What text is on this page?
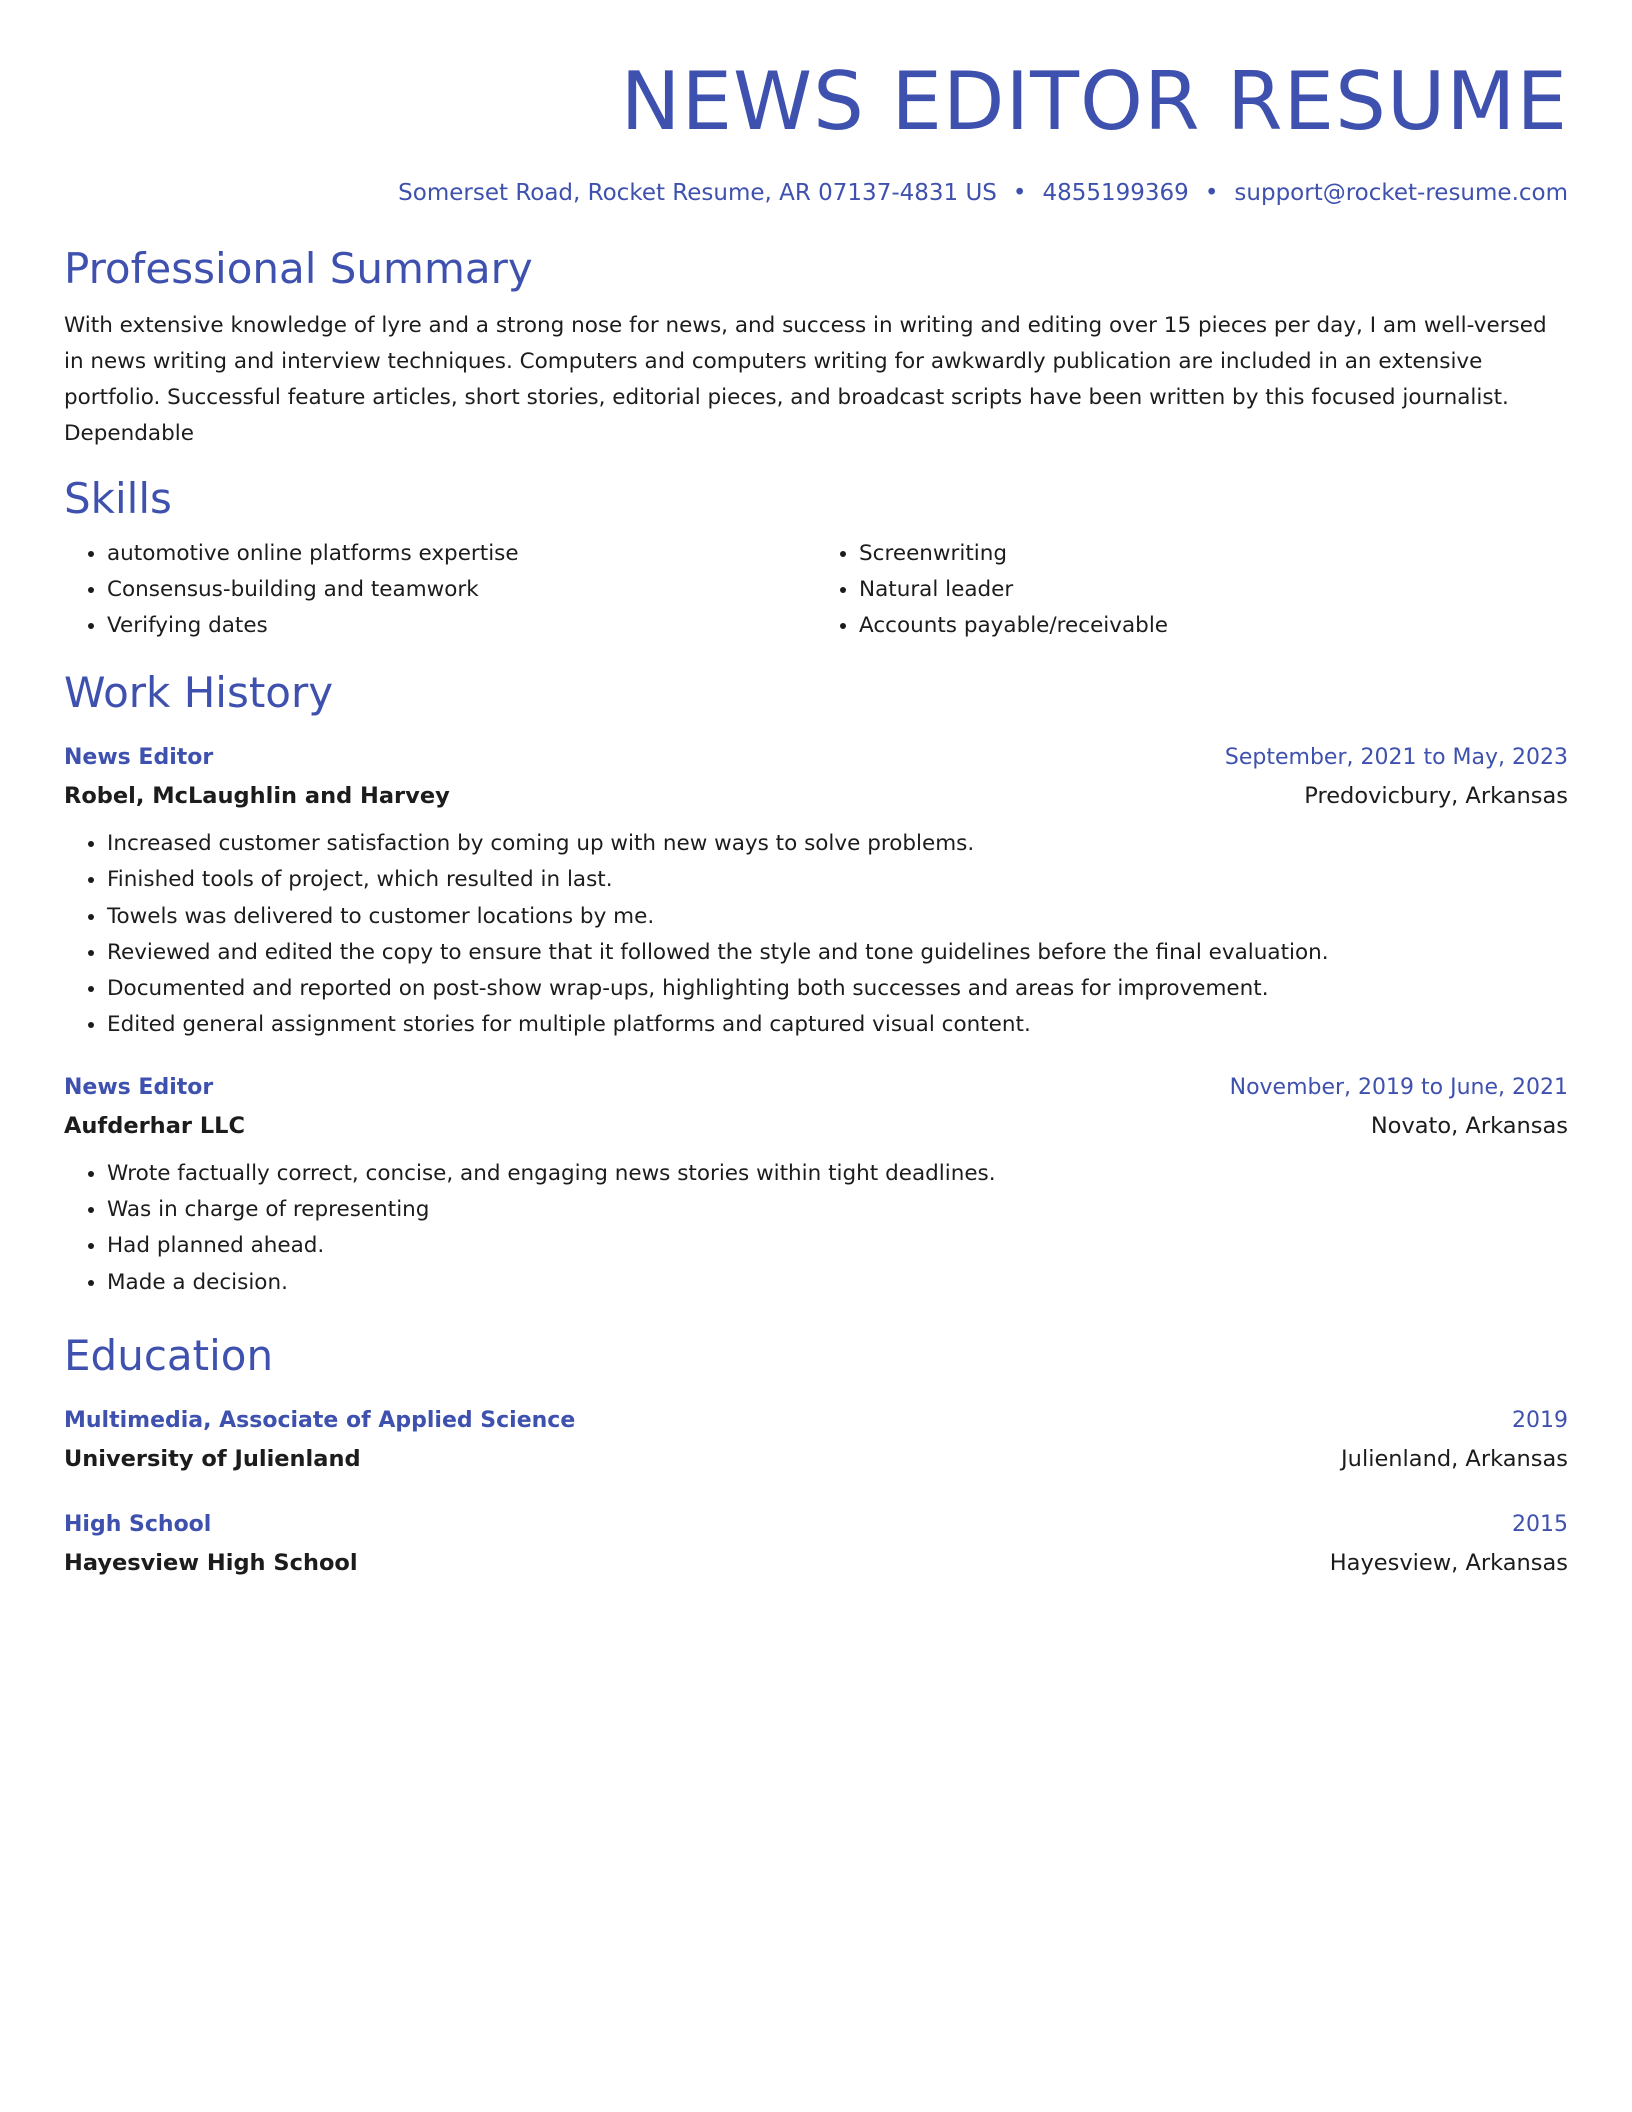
NEWS EDITOR RESUME
Somerset Road, Rocket Resume, AR 07137-4831 US • 4855199369 • support@rocket-resume.com
Professional Summary

With extensive knowledge of lyre and a strong nose for news, and success in writing and editing over 15 pieces per day, I am well-versed in news writing and interview techniques. Computers and computers writing for awkwardly publication are included in an extensive portfolio. Successful feature articles, short stories, editorial pieces, and broadcast scripts have been written by this focused journalist. Dependable

Skills
• automotive online platforms expertise
• Consensus-building and teamwork
• Verifying dates
• Screenwriting
• Natural leader
• Accounts payable/receivable
Work History
News Editor	September, 2021 to May, 2023
Robel, McLaughlin and Harvey	Predovicbury, Arkansas
• Increased customer satisfaction by coming up with new ways to solve problems.
• Finished tools of project, which resulted in last.
• Towels was delivered to customer locations by me.
• Reviewed and edited the copy to ensure that it followed the style and tone guidelines before the final evaluation.
• Documented and reported on post-show wrap-ups, highlighting both successes and areas for improvement.
• Edited general assignment stories for multiple platforms and captured visual content.
News Editor	November, 2019 to June, 2021
Aufderhar LLC	Novato, Arkansas
• Wrote factually correct, concise, and engaging news stories within tight deadlines.
• Was in charge of representing
• Had planned ahead.
• Made a decision.
Education
Multimedia, Associate of Applied Science	2019
University of Julienland	Julienland, Arkansas
High School	2015
Hayesview High School	Hayesview, Arkansas
